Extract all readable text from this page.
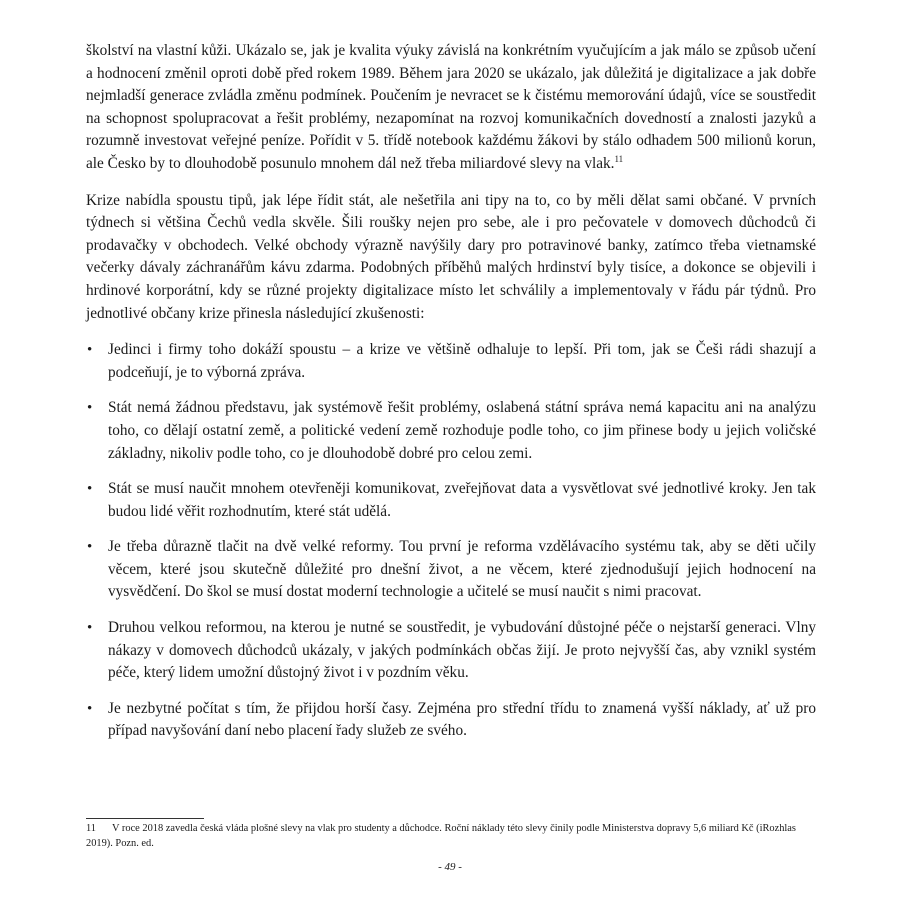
školství na vlastní kůži. Ukázalo se, jak je kvalita výuky závislá na konkrétním vyučujícím a jak málo se způsob učení a hodnocení změnil oproti době před rokem 1989. Během jara 2020 se ukázalo, jak důležitá je digitalizace a jak dobře nejmladší generace zvládla změnu podmínek. Poučením je nevracet se k čistému memorování údajů, více se soustředit na schopnost spolupracovat a řešit problémy, nezapomínat na rozvoj komunikačních dovedností a znalosti jazyků a rozumně investovat veřejné peníze. Pořídit v 5. třídě notebook každému žákovi by stálo odhadem 500 milionů korun, ale Česko by to dlouhodobě posunulo mnohem dál než třeba miliardové slevy na vlak.$^{11}$

Krize nabídla spoustu tipů, jak lépe řídit stát, ale nešetřila ani tipy na to, co by měli dělat sami občané. V prvních týdnech si většina Čechů vedla skvěle. Šili roušky nejen pro sebe, ale i pro pečovatele v domovech důchodců či prodavačky v obchodech. Velké obchody výrazně navýšily dary pro potravinové banky, zatímco třeba vietnamské večerky dávaly záchranářům kávu zdarma. Podobných příběhů malých hrdinství byly tisíce, a dokonce se objevili i hrdinové korporátní, kdy se různé projekty digitalizace místo let schválily a implementovaly v řádu pár týdnů. Pro jednotlivé občany krize přinesla následující zkušenosti:

• Jedinci i firmy toho dokáží spoustu – a krize ve většině odhaluje to lepší. Při tom, jak se Češi rádi shazují a podceňují, je to výborná zpráva.
• Stát nemá žádnou představu, jak systémově řešit problémy, oslabená státní správa nemá kapacitu ani na analýzu toho, co dělají ostatní země, a politické vedení země rozhoduje podle toho, co jim přinese body u jejich voličské základny, nikoliv podle toho, co je dlouhodobě dobré pro celou zemi.
• Stát se musí naučit mnohem otevřeněji komunikovat, zveřejňovat data a vysvětlovat své jednotlivé kroky. Jen tak budou lidé věřit rozhodnutím, které stát udělá.
• Je třeba důrazně tlačit na dvě velké reformy. Tou první je reforma vzdělávacího systému tak, aby se děti učily věcem, které jsou skutečně důležité pro dnešní život, a ne věcem, které zjednodušují jejich hodnocení na vysvědčení. Do škol se musí dostat moderní technologie a učitelé se musí naučit s nimi pracovat.
• Druhou velkou reformou, na kterou je nutné se soustředit, je vybudování důstojné péče o nejstarší generaci. Vlny nákazy v domovech důchodců ukázaly, v jakých podmínkách občas žijí. Je proto nejvyšší čas, aby vznikl systém péče, který lidem umožní důstojný život i v pozdním věku.
• Je nezbytné počítat s tím, že přijdou horší časy. Zejména pro střední třídu to znamená vyšší náklady, ať už pro případ navyšování daní nebo placení řady služeb ze svého.

11 V roce 2018 zavedla česká vláda plošné slevy na vlak pro studenty a důchodce. Roční náklady této slevy činily podle Ministerstva dopravy 5,6 miliard Kč (iRozhlas 2019). Pozn. ed.

- 49 -
